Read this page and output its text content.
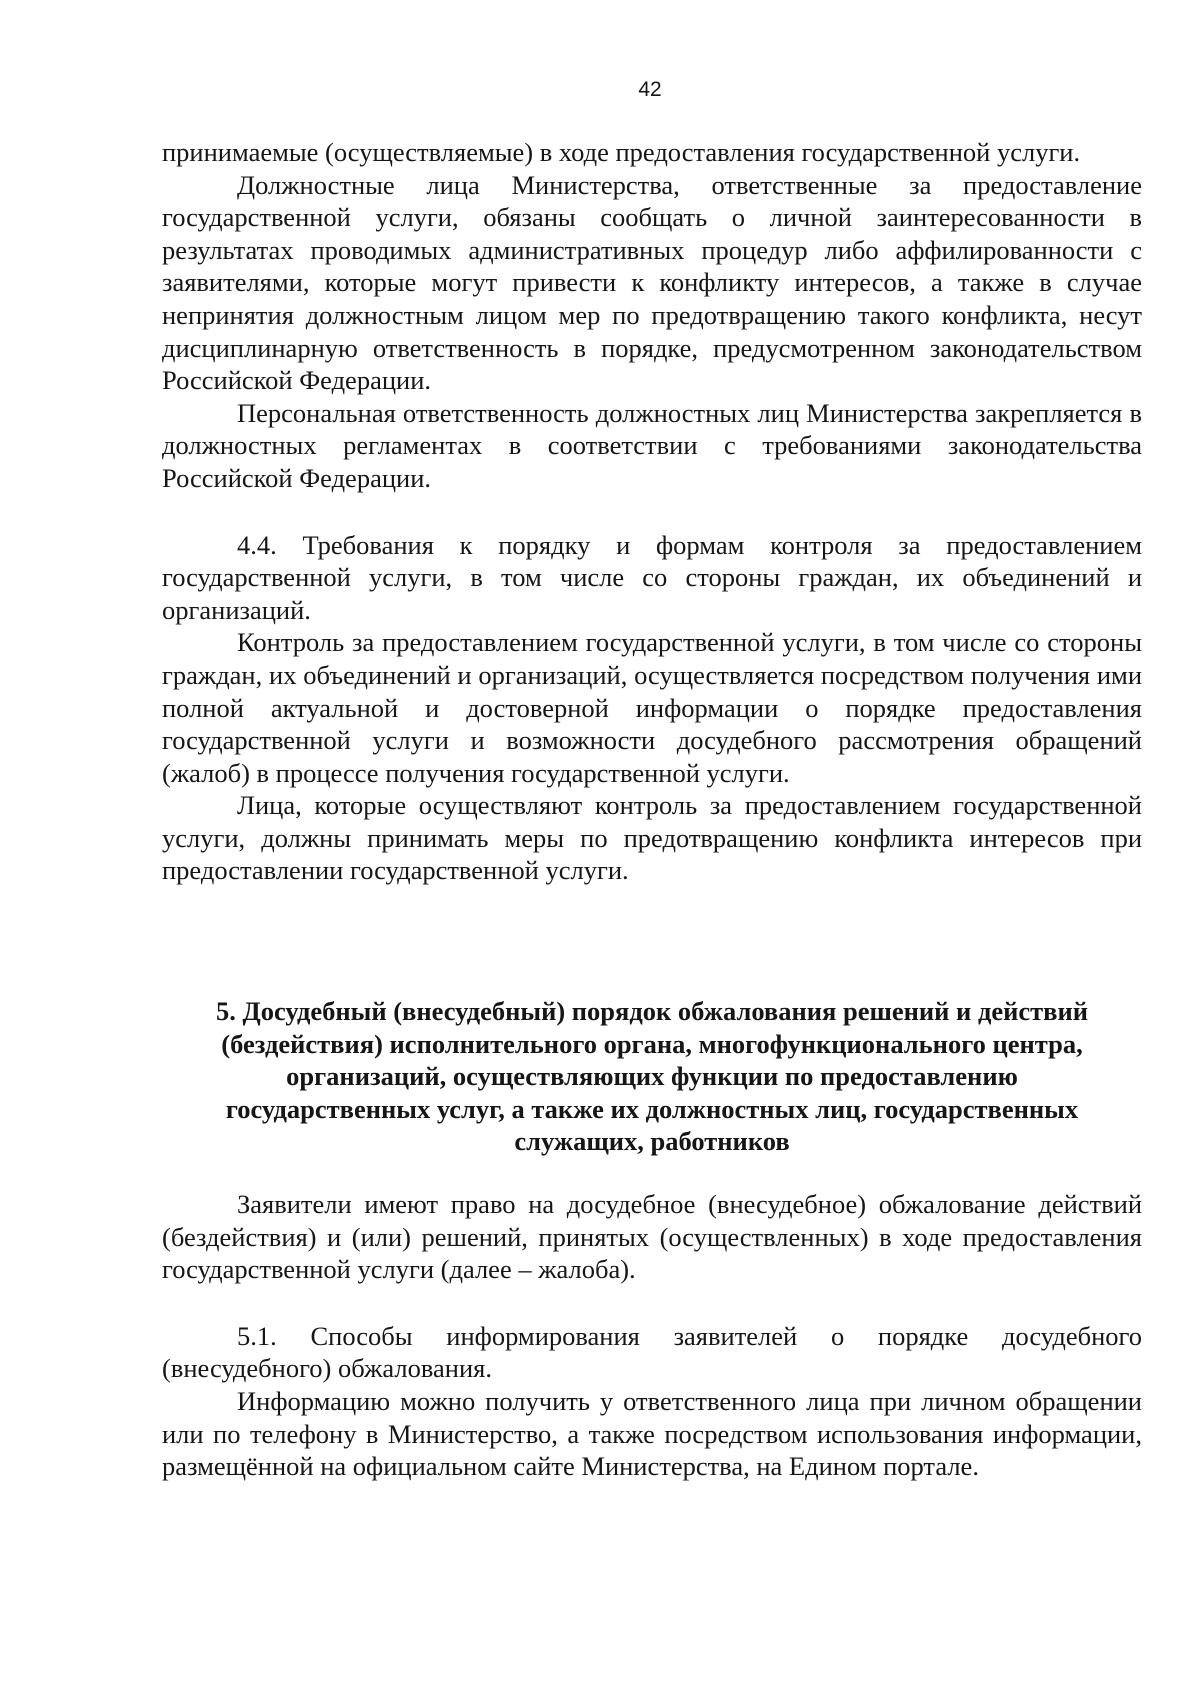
42

принимаемые (осуществляемые) в ходе предоставления государственной услуги.

Должностные лица Министерства, ответственные за предоставление государственной услуги, обязаны сообщать о личной заинтересованности в результатах проводимых административных процедур либо аффилированности с заявителями, которые могут привести к конфликту интересов, а также в случае непринятия должностным лицом мер по предотвращению такого конфликта, несут дисциплинарную ответственность в порядке, предусмотренном законодательством Российской Федерации.

Персональная ответственность должностных лиц Министерства закрепляется в должностных регламентах в соответствии с требованиями законодательства Российской Федерации.

4.4. Требования к порядку и формам контроля за предоставлением государственной услуги, в том числе со стороны граждан, их объединений и организаций.

Контроль за предоставлением государственной услуги, в том числе со стороны граждан, их объединений и организаций, осуществляется посредством получения ими полной актуальной и достоверной информации о порядке предоставления государственной услуги и возможности досудебного рассмотрения обращений (жалоб) в процессе получения государственной услуги.

Лица, которые осуществляют контроль за предоставлением государственной услуги, должны принимать меры по предотвращению конфликта интересов при предоставлении государственной услуги.

5. Досудебный (внесудебный) порядок обжалования решений и действий

(бездействия) исполнительного органа, многофункционального центра,

организаций, осуществляющих функции по предоставлению

государственных услуг, а также их должностных лиц, государственных

служащих, работников

Заявители имеют право на досудебное (внесудебное) обжалование действий (бездействия) и (или) решений, принятых (осуществленных) в ходе предоставления государственной услуги (далее – жалоба).

5.1. Способы информирования заявителей о порядке досудебного (внесудебного) обжалования.

Информацию можно получить у ответственного лица при личном обращении или по телефону в Министерство, а также посредством использования информации, размещённой на официальном сайте Министерства, на Едином портале.
